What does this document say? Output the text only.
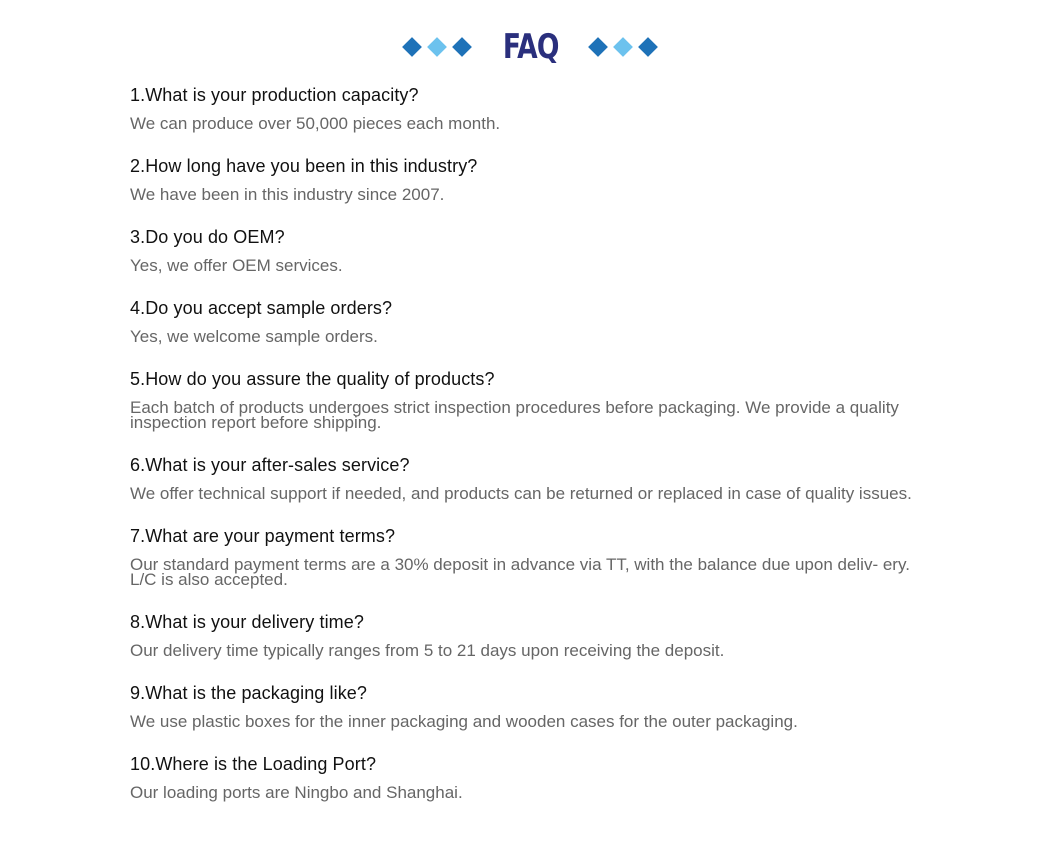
FAQ
1.What is your production capacity?
We can produce over 50,000 pieces each month.
2.How long have you been in this industry?
We have been in this industry since 2007.
3.Do you do OEM?
Yes, we offer OEM services.
4.Do you accept sample orders?
Yes, we welcome sample orders.
5.How do you assure the quality of products?
Each batch of products undergoes strict inspection procedures before packaging. We provide a quality inspection report before shipping.
6.What is your after-sales service?
We offer technical support if needed, and products can be returned or replaced in case of quality issues.
7.What are your payment terms?
Our standard payment terms are a 30% deposit in advance via TT, with the balance due upon deliv- ery. L/C is also accepted.
8.What is your delivery time?
Our delivery time typically ranges from 5 to 21 days upon receiving the deposit.
9.What is the packaging like?
We use plastic boxes for the inner packaging and wooden cases for the outer packaging.
10.Where is the Loading Port?
Our loading ports are Ningbo and Shanghai.
